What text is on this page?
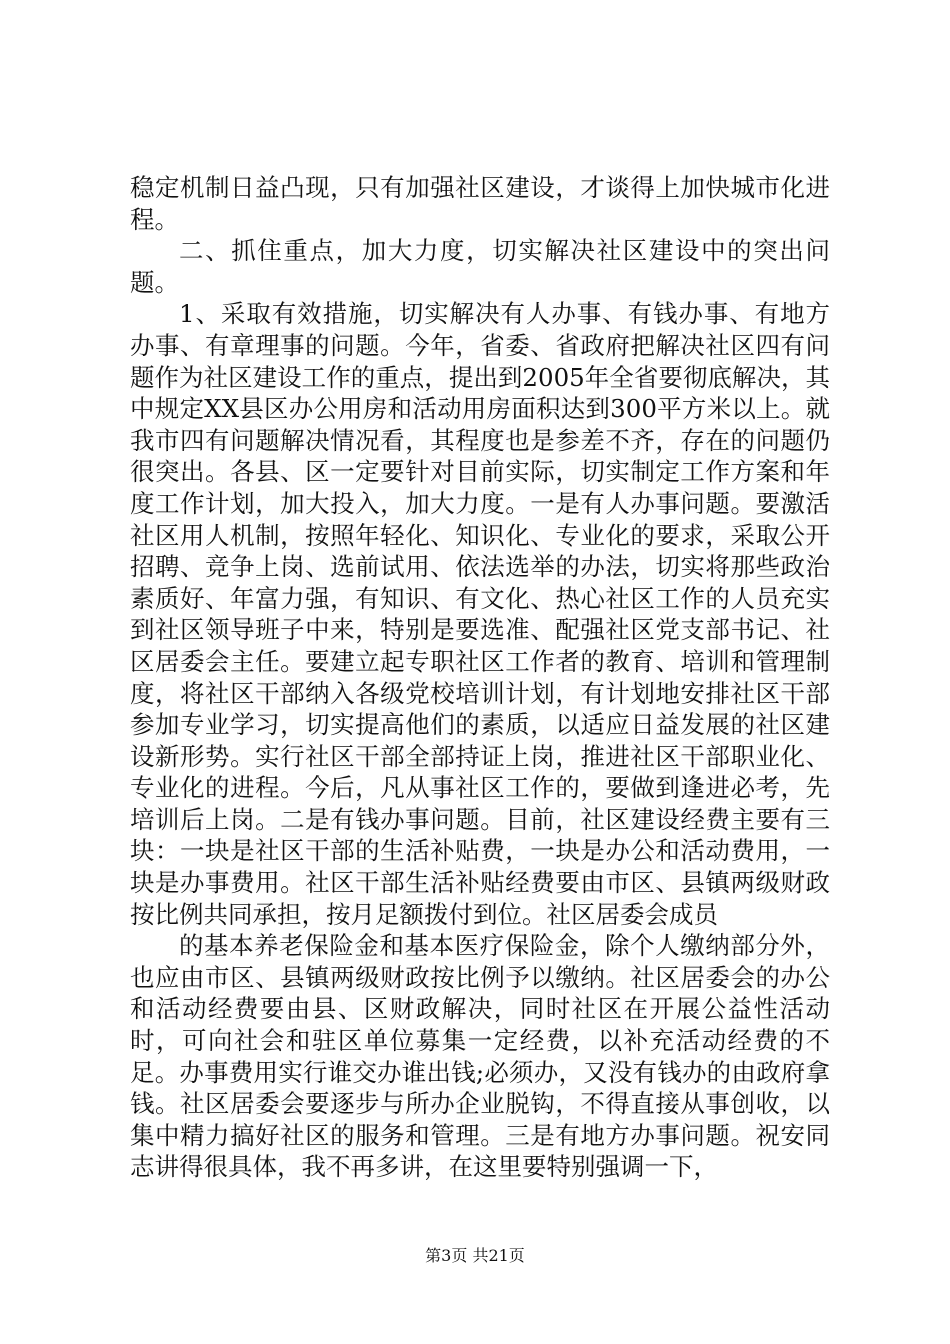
稳定机制日益凸现，只有加强社区建设，才谈得上加快城市化进程。

二、抓住重点，加大力度，切实解决社区建设中的突出问题。

1、采取有效措施，切实解决有人办事、有钱办事、有地方办事、有章理事的问题。今年，省委、省政府把解决社区四有问题作为社区建设工作的重点，提出到2005年全省要彻底解决，其中规定XX县区办公用房和活动用房面积达到300平方米以上。就我市四有问题解决情况看，其程度也是参差不齐，存在的问题仍很突出。各县、区一定要针对目前实际，切实制定工作方案和年度工作计划，加大投入，加大力度。一是有人办事问题。要激活社区用人机制，按照年轻化、知识化、专业化的要求，采取公开招聘、竞争上岗、选前试用、依法选举的办法，切实将那些政治素质好、年富力强，有知识、有文化、热心社区工作的人员充实到社区领导班子中来，特别是要选准、配强社区党支部书记、社区居委会主任。要建立起专职社区工作者的教育、培训和管理制度，将社区干部纳入各级党校培训计划，有计划地安排社区干部参加专业学习，切实提高他们的素质，以适应日益发展的社区建设新形势。实行社区干部全部持证上岗，推进社区干部职业化、专业化的进程。今后，凡从事社区工作的，要做到逢进必考，先培训后上岗。二是有钱办事问题。目前，社区建设经费主要有三块：一块是社区干部的生活补贴费，一块是办公和活动费用，一块是办事费用。社区干部生活补贴经费要由市区、县镇两级财政按比例共同承担，按月足额拨付到位。社区居委会成员

的基本养老保险金和基本医疗保险金，除个人缴纳部分外，也应由市区、县镇两级财政按比例予以缴纳。社区居委会的办公和活动经费要由县、区财政解决，同时社区在开展公益性活动时，可向社会和驻区单位募集一定经费，以补充活动经费的不足。办事费用实行谁交办谁出钱;必须办，又没有钱办的由政府拿钱。社区居委会要逐步与所办企业脱钩，不得直接从事创收，以集中精力搞好社区的服务和管理。三是有地方办事问题。祝安同志讲得很具体，我不再多讲，在这里要特别强调一下，

第3页 共21页
